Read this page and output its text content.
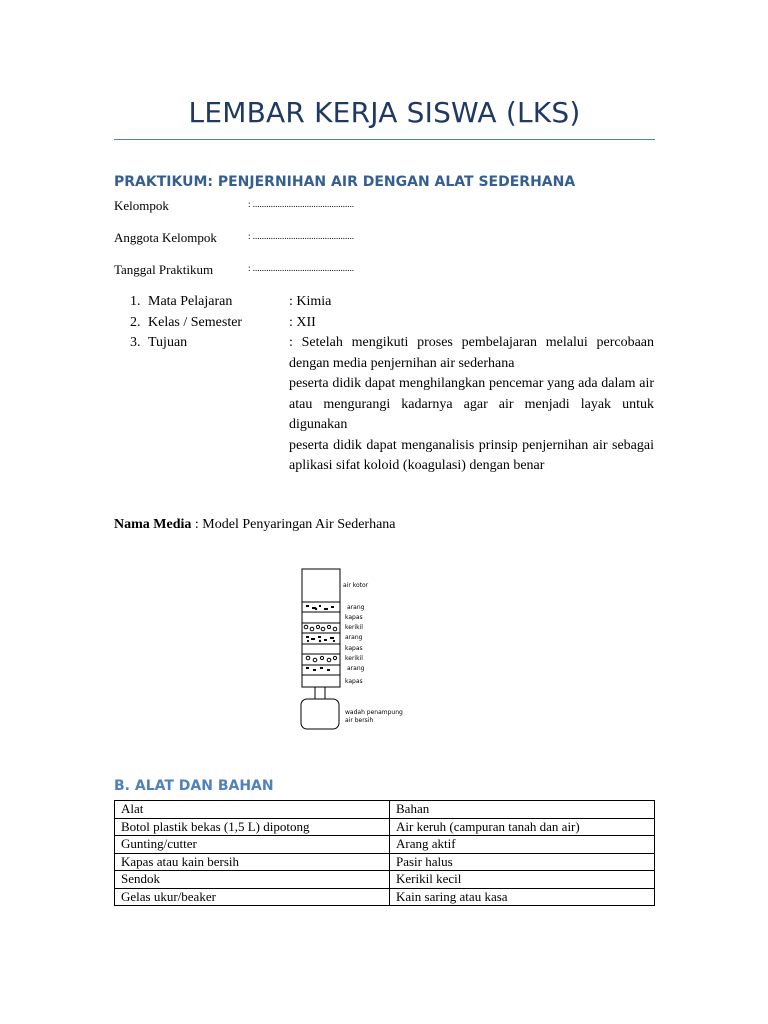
LEMBAR KERJA SISWA (LKS)
PRAKTIKUM: PENJERNIHAN AIR DENGAN ALAT SEDERHANA
Kelompok	: .............................................
Anggota Kelompok	: .............................................
Tanggal Praktikum	: .............................................
1. Mata Pelajaran	: Kimia

2. Kelas / Semester	: XII

3. Tujuan	: Setelah mengikuti proses pembelajaran melalui percobaan dengan media penjernihan air sederhana

peserta didik dapat menghilangkan pencemar yang ada dalam air atau mengurangi kadarnya agar air menjadi layak untuk digunakan

peserta didik dapat menganalisis prinsip penjernihan air sebagai aplikasi sifat koloid (koagulasi) dengan benar

Nama Media : Model Penyaringan Air Sederhana
air kotor
arang
kapas
kerikil
arang
kapas
kerikil
arang
kapas
wadah penampung
air bersih
B. ALAT DAN BAHAN
Alat	Bahan
Botol plastik bekas (1,5 L) dipotong	Air keruh (campuran tanah dan air)
Gunting/cutter	Arang aktif
Kapas atau kain bersih	Pasir halus
Sendok	Kerikil kecil
Gelas ukur/beaker	Kain saring atau kasa
